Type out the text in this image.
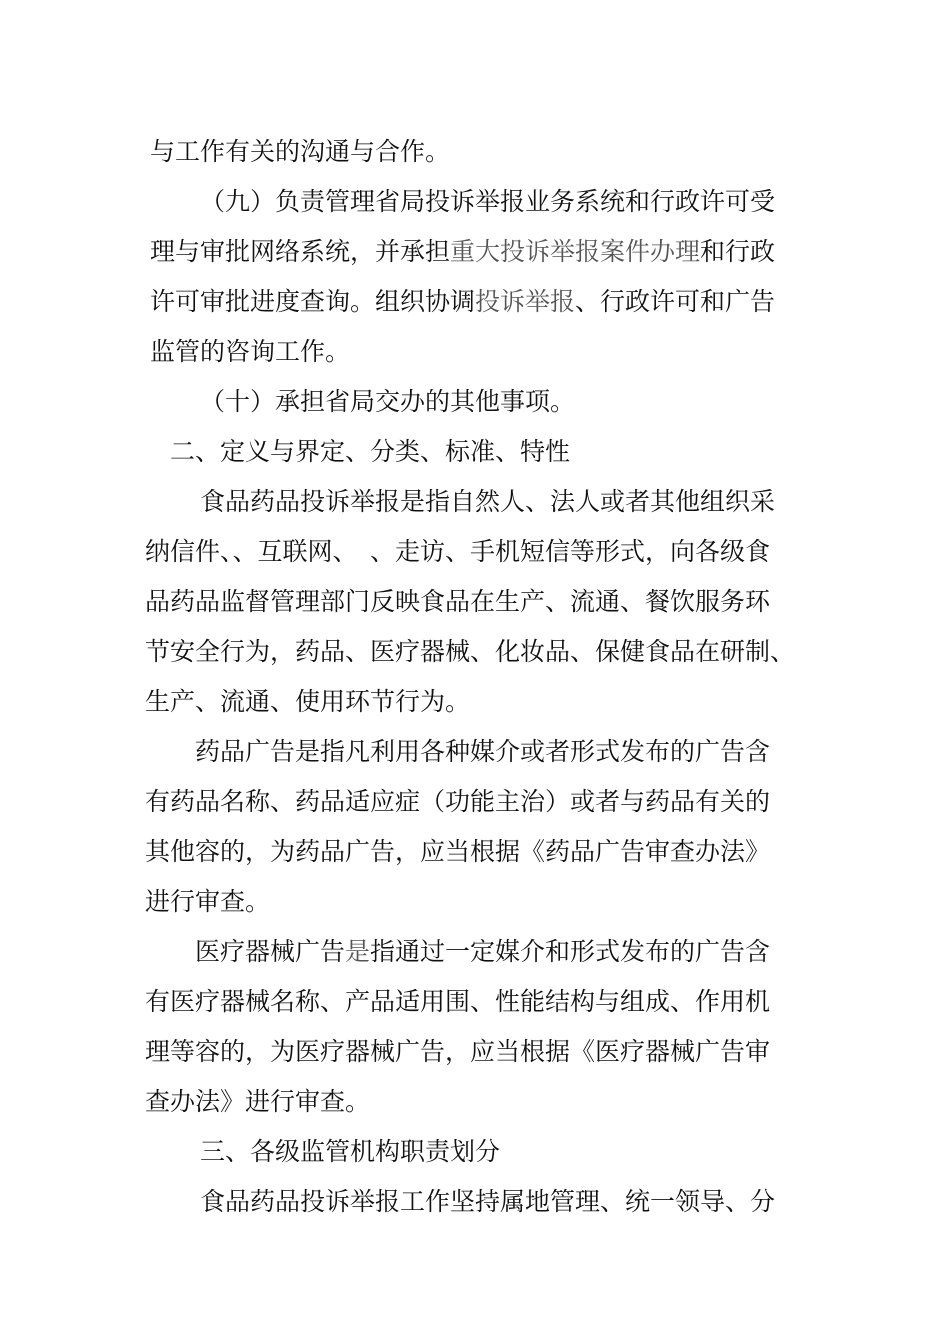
与工作有关的沟通与合作。
（九）负责管理省局投诉举报业务系统和行政许可受
理与审批网络系统，并承担重大投诉举报案件办理和行政
许可审批进度查询。组织协调投诉举报、行政许可和广告
监管的咨询工作。
（十）承担省局交办的其他事项。
二、定义与界定、分类、标准、特性
食品药品投诉举报是指自然人、法人或者其他组织采
纳信件、、互联网、　、走访、手机短信等形式，向各级食
品药品监督管理部门反映食品在生产、流通、餐饮服务环
节安全行为，药品、医疗器械、化妆品、保健食品在研制、
生产、流通、使用环节行为。
药品广告是指凡利用各种媒介或者形式发布的广告含
有药品名称、药品适应症（功能主治）或者与药品有关的
其他容的，为药品广告，应当根据《药品广告审查办法》
进行审查。
医疗器械广告是指通过一定媒介和形式发布的广告含
有医疗器械名称、产品适用围、性能结构与组成、作用机
理等容的，为医疗器械广告，应当根据《医疗器械广告审
查办法》进行审查。
三、各级监管机构职责划分
食品药品投诉举报工作坚持属地管理、统一领导、分
